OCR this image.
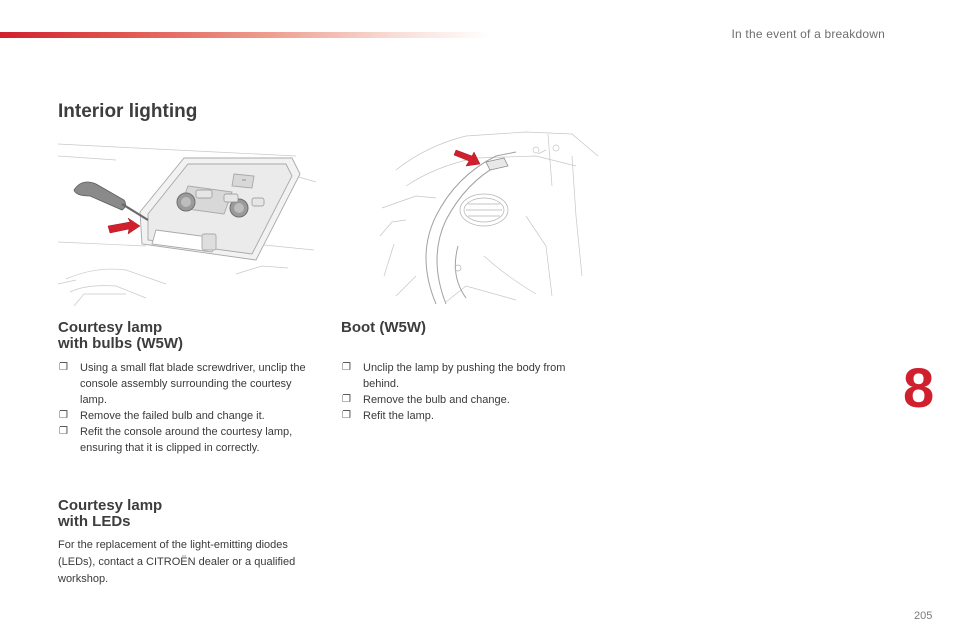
In the event of a breakdown
Interior lighting
Courtesy lamp
with bulbs (W5W)
❐ Using a small flat blade screwdriver, unclip the console assembly surrounding the courtesy lamp.
❐ Remove the failed bulb and change it.
❐ Refit the console around the courtesy lamp, ensuring that it is clipped in correctly.
Courtesy lamp
with LEDs
For the replacement of the light-emitting diodes (LEDs), contact a CITROËN dealer or a qualified workshop.
Boot (W5W)
❐ Unclip the lamp by pushing the body from behind.
❐ Remove the bulb and change.
❐ Refit the lamp.	8
205
